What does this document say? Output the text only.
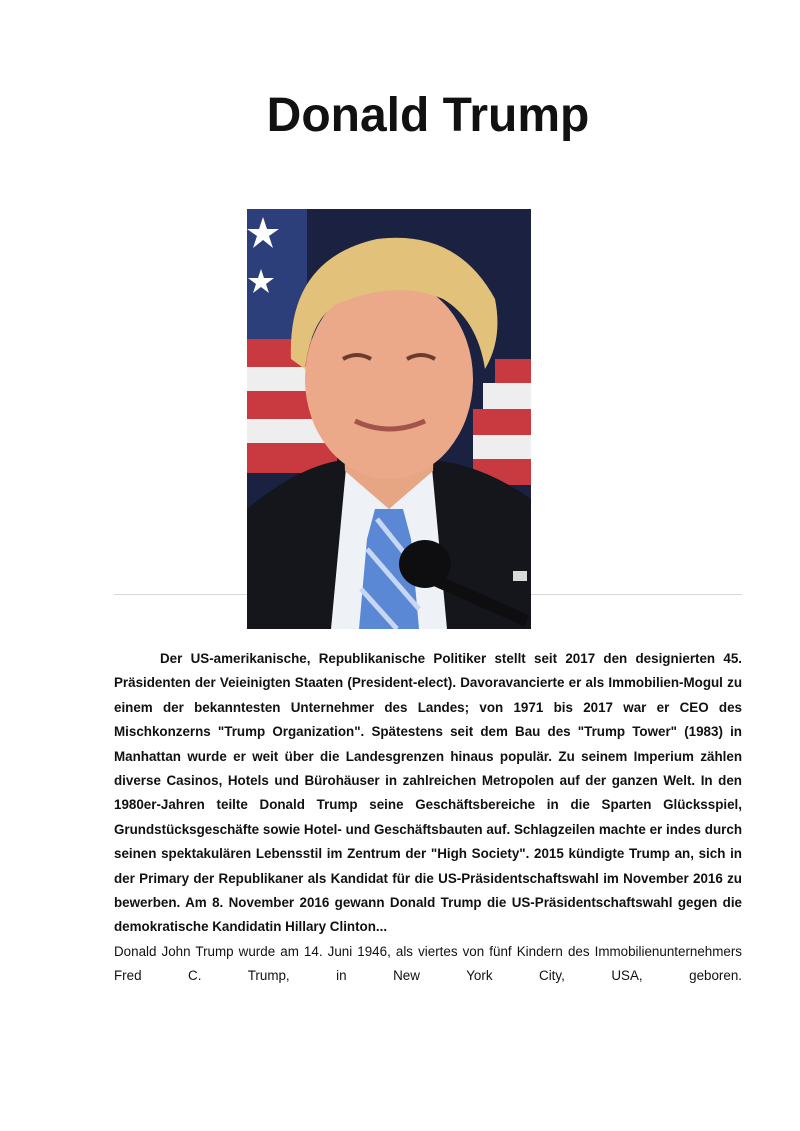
Donald Trump

Der US-amerikanische, Republikanische Politiker stellt seit 2017 den designierten 45. Präsidenten der Veieinigten Staaten (President-elect). Davoravancierte er als Immobilien-Mogul zu einem der bekanntesten Unternehmer des Landes; von 1971 bis 2017 war er CEO des Mischkonzerns "Trump Organization". Spätestens seit dem Bau des "Trump Tower" (1983) in Manhattan wurde er weit über die Landesgrenzen hinaus populär. Zu seinem Imperium zählen diverse Casinos, Hotels und Bürohäuser in zahlreichen Metropolen auf der ganzen Welt. In den 1980er-Jahren teilte Donald Trump seine Geschäftsbereiche in die Sparten Glücksspiel, Grundstücksgeschäfte sowie Hotel- und Geschäftsbauten auf. Schlagzeilen machte er indes durch seinen spektakulären Lebensstil im Zentrum der "High Society". 2015 kündigte Trump an, sich in der Primary der Republikaner als Kandidat für die US-Präsidentschaftswahl im November 2016 zu bewerben. Am 8. November 2016 gewann Donald Trump die US-Präsidentschaftswahl gegen die demokratische Kandidatin Hillary Clinton...

Donald John Trump wurde am 14. Juni 1946, als viertes von fünf Kindern des Immobilienunternehmers Fred C. Trump, in New York City, USA, geboren.
